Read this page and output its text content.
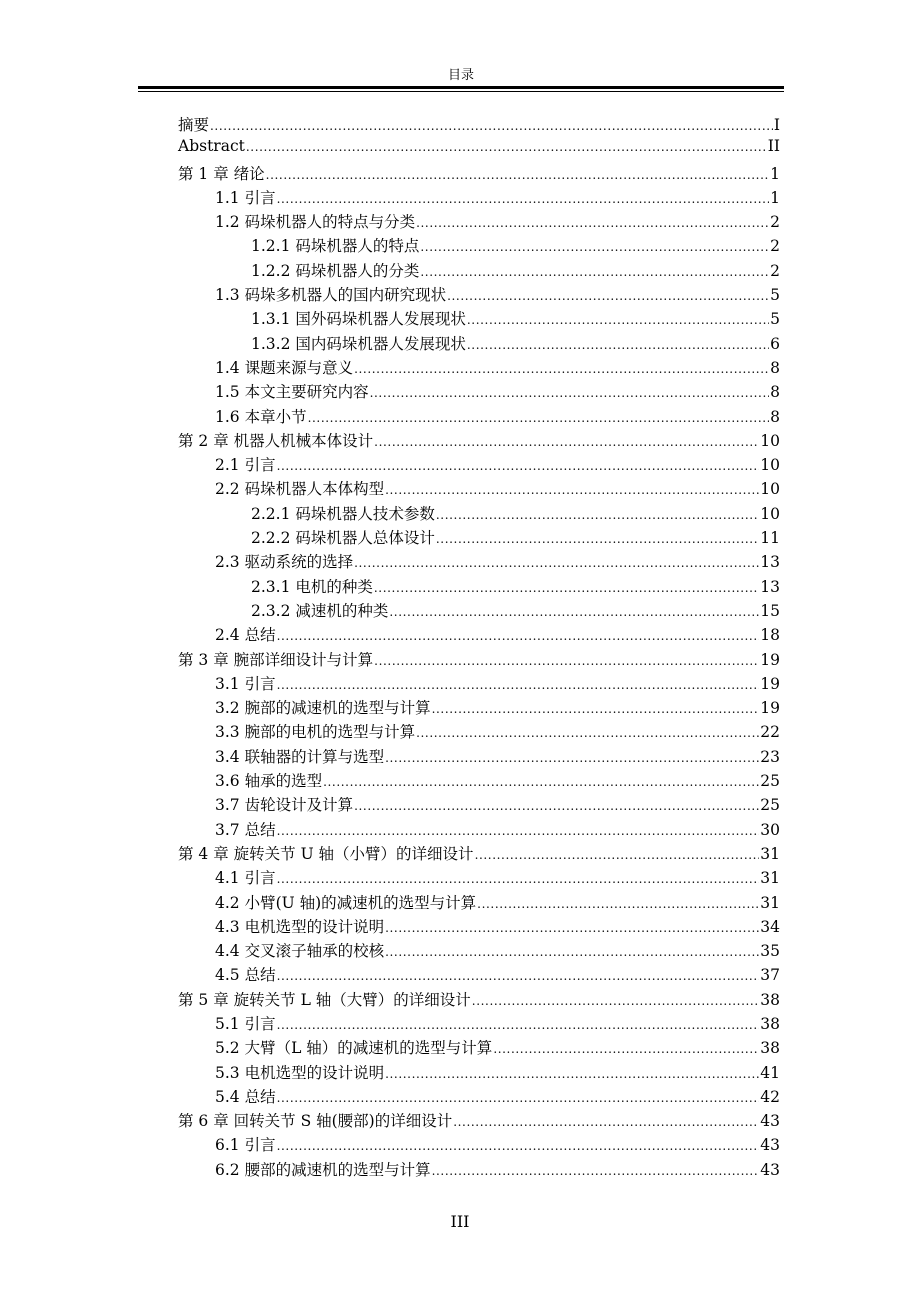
目录
摘要 .....	I
Abstract .....	II
第 1 章 绪论 .....	1
1.1 引言 .....	1
1.2 码垛机器人的特点与分类 .....	2
1.2.1 码垛机器人的特点 .....	2
1.2.2 码垛机器人的分类 .....	2
1.3 码垛多机器人的国内研究现状 .....	5
1.3.1 国外码垛机器人发展现状 .....	5
1.3.2 国内码垛机器人发展现状 .....	6
1.4 课题来源与意义 .....	8
1.5 本文主要研究内容 .....	8
1.6 本章小节 .....	8
第 2 章 机器人机械本体设计 .....	10
2.1 引言 .....	10
2.2 码垛机器人本体构型 .....	10
2.2.1 码垛机器人技术参数 .....	10
2.2.2 码垛机器人总体设计 .....	11
2.3 驱动系统的选择 .....	13
2.3.1 电机的种类 .....	13
2.3.2 减速机的种类 .....	15
2.4 总结 .....	18
第 3 章 腕部详细设计与计算 .....	19
3.1 引言 .....	19
3.2 腕部的减速机的选型与计算 .....	19
3.3 腕部的电机的选型与计算 .....	22
3.4 联轴器的计算与选型 .....	23
3.6 轴承的选型 .....	25
3.7 齿轮设计及计算 .....	25
3.7 总结 .....	30
第 4 章 旋转关节 U 轴（小臂）的详细设计 .....	31
4.1 引言 .....	31
4.2 小臂(U 轴)的减速机的选型与计算 .....	31
4.3 电机选型的设计说明 .....	34
4.4 交叉滚子轴承的校核 .....	35
4.5 总结 .....	37
第 5 章 旋转关节 L 轴（大臂）的详细设计 .....	38
5.1 引言 .....	38
5.2 大臂（L 轴）的减速机的选型与计算 .....	38
5.3 电机选型的设计说明 .....	41
5.4 总结 .....	42
第 6 章 回转关节 S 轴(腰部)的详细设计 .....	43
6.1 引言 .....	43
6.2 腰部的减速机的选型与计算 .....	43
III
